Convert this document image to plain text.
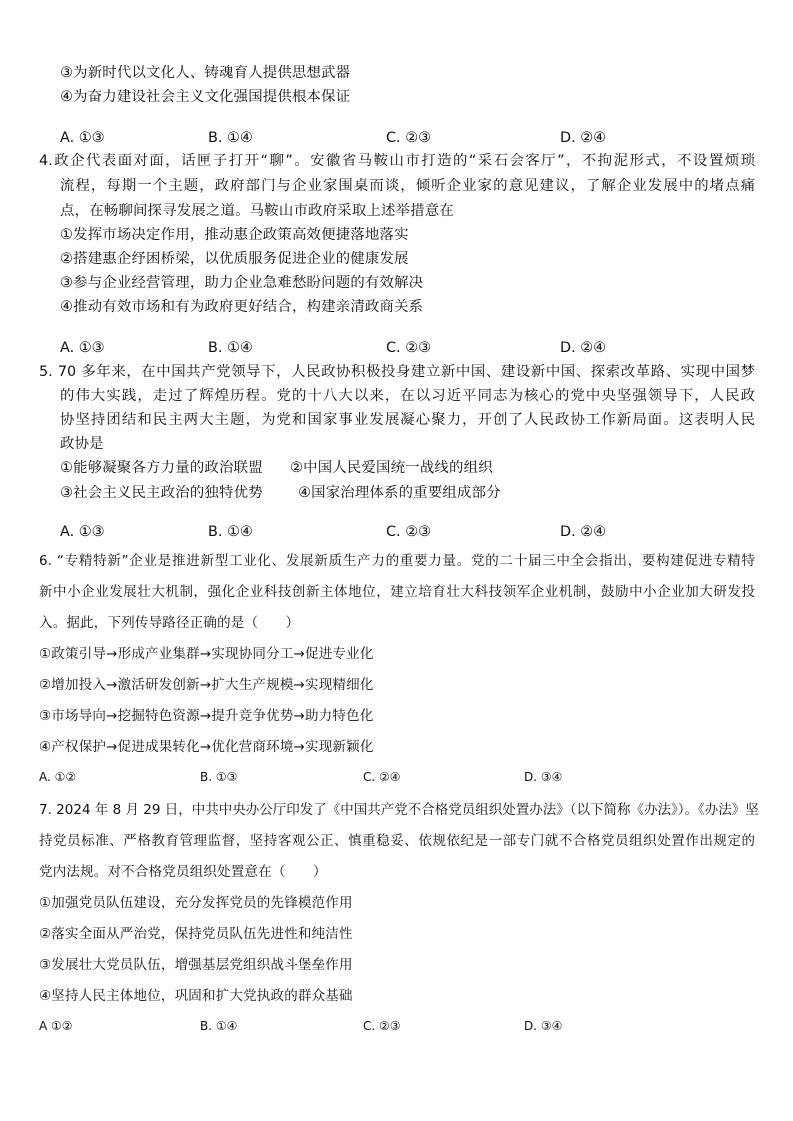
③为新时代以文化人、铸魂育人提供思想武器
④为奋力建设社会主义文化强国提供根本保证
A. ①③	B. ①④	C. ②③	D. ②④
4.政企代表面对面，话匣子打开“聊”。安徽省马鞍山市打造的“采石会客厅”，不拘泥形式，不设置烦琐
流程，每期一个主题，政府部门与企业家围桌而谈，倾听企业家的意见建议，了解企业发展中的堵点痛
点，在畅聊间探寻发展之道。马鞍山市政府采取上述举措意在
①发挥市场决定作用，推动惠企政策高效便捷落地落实
②搭建惠企纾困桥梁，以优质服务促进企业的健康发展
③参与企业经营管理，助力企业急难愁盼问题的有效解决
④推动有效市场和有为政府更好结合，构建亲清政商关系
A. ①③	B. ①④	C. ②③	D. ②④
5. 70 多年来，在中国共产党领导下，人民政协积极投身建立新中国、建设新中国、探索改革路、实现中国梦
的伟大实践，走过了辉煌历程。党的十八大以来，在以习近平同志为核心的党中央坚强领导下，人民政
协坚持团结和民主两大主题，为党和国家事业发展凝心聚力，开创了人民政协工作新局面。这表明人民
政协是
①能够凝聚各方力量的政治联盟 ②中国人民爱国统一战线的组织
③社会主义民主政治的独特优势 ④国家治理体系的重要组成部分
A. ①③	B. ①④	C. ②③	D. ②④
6. “专精特新”企业是推进新型工业化、发展新质生产力的重要力量。党的二十届三中全会指出，要构建促进专精特
新中小企业发展壮大机制，强化企业科技创新主体地位，建立培育壮大科技领军企业机制，鼓励中小企业加大研发投
入。据此，下列传导路径正确的是（　　）
①政策引导→形成产业集群→实现协同分工→促进专业化
②增加投入→激活研发创新→扩大生产规模→实现精细化
③市场导向→挖掘特色资源→提升竞争优势→助力特色化
④产权保护→促进成果转化→优化营商环境→实现新颖化
A. ①②	B. ①③	C. ②④	D. ③④
7. 2024 年 8 月 29 日，中共中央办公厅印发了《中国共产党不合格党员组织处置办法》（以下简称《办法》）。《办法》坚
持党员标准、严格教育管理监督，坚持客观公正、慎重稳妥、依规依纪是一部专门就不合格党员组织处置作出规定的
党内法规。对不合格党员组织处置意在（　　）
①加强党员队伍建设，充分发挥党员的先锋模范作用
②落实全面从严治党，保持党员队伍先进性和纯洁性
③发展壮大党员队伍，增强基层党组织战斗堡垒作用
④坚持人民主体地位，巩固和扩大党执政的群众基础
A ①②	B. ①④	C. ②③	D. ③④
